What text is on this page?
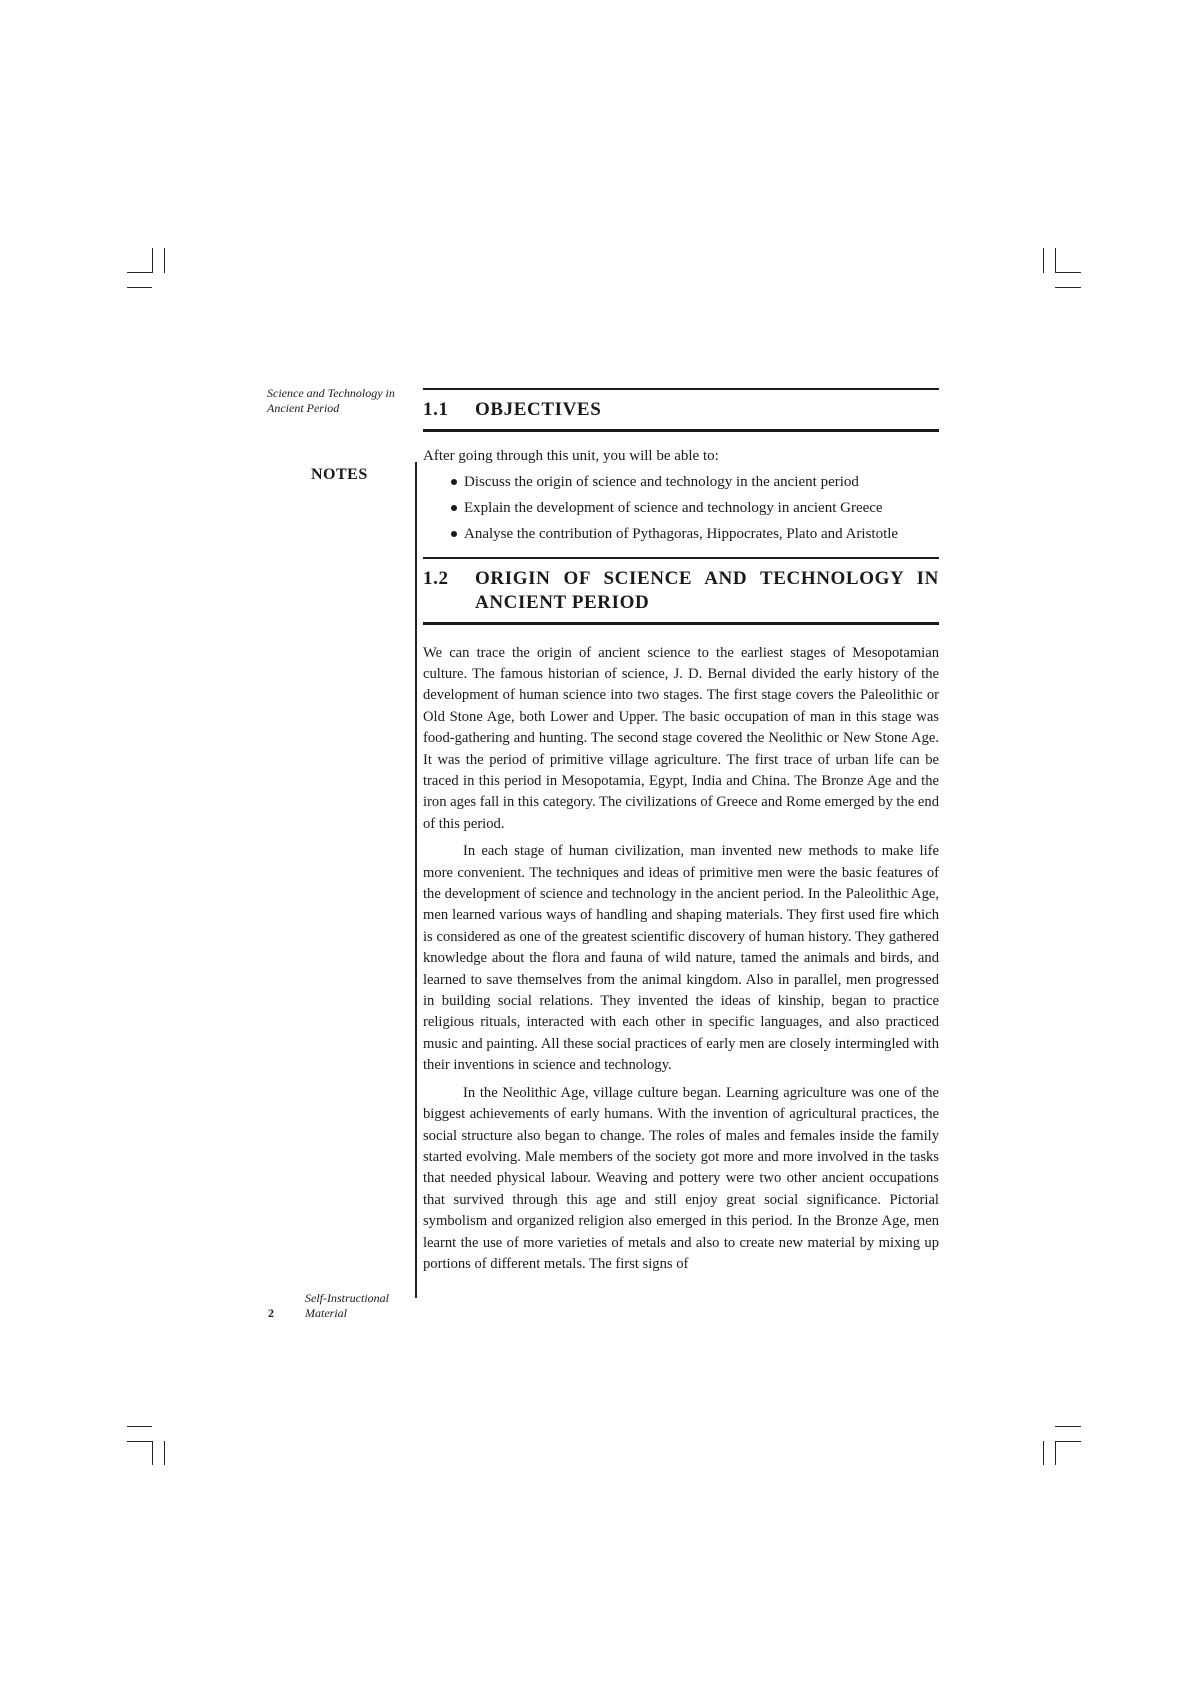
Science and Technology in Ancient Period
NOTES
Self-Instructional Material
2
1.1	OBJECTIVES
After going through this unit, you will be able to:
Discuss the origin of science and technology in the ancient period
Explain the development of science and technology in ancient Greece
Analyse the contribution of Pythagoras, Hippocrates, Plato and Aristotle
1.2	ORIGIN OF SCIENCE AND TECHNOLOGY IN ANCIENT PERIOD

We can trace the origin of ancient science to the earliest stages of Mesopotamian culture. The famous historian of science, J. D. Bernal divided the early history of the development of human science into two stages. The first stage covers the Paleolithic or Old Stone Age, both Lower and Upper. The basic occupation of man in this stage was food-gathering and hunting. The second stage covered the Neolithic or New Stone Age. It was the period of primitive village agriculture. The first trace of urban life can be traced in this period in Mesopotamia, Egypt, India and China. The Bronze Age and the iron ages fall in this category. The civilizations of Greece and Rome emerged by the end of this period.

In each stage of human civilization, man invented new methods to make life more convenient. The techniques and ideas of primitive men were the basic features of the development of science and technology in the ancient period. In the Paleolithic Age, men learned various ways of handling and shaping materials. They first used fire which is considered as one of the greatest scientific discovery of human history. They gathered knowledge about the flora and fauna of wild nature, tamed the animals and birds, and learned to save themselves from the animal kingdom. Also in parallel, men progressed in building social relations. They invented the ideas of kinship, began to practice religious rituals, interacted with each other in specific languages, and also practiced music and painting. All these social practices of early men are closely intermingled with their inventions in science and technology.

In the Neolithic Age, village culture began. Learning agriculture was one of the biggest achievements of early humans. With the invention of agricultural practices, the social structure also began to change. The roles of males and females inside the family started evolving. Male members of the society got more and more involved in the tasks that needed physical labour. Weaving and pottery were two other ancient occupations that survived through this age and still enjoy great social significance. Pictorial symbolism and organized religion also emerged in this period. In the Bronze Age, men learnt the use of more varieties of metals and also to create new material by mixing up portions of different metals. The first signs of
